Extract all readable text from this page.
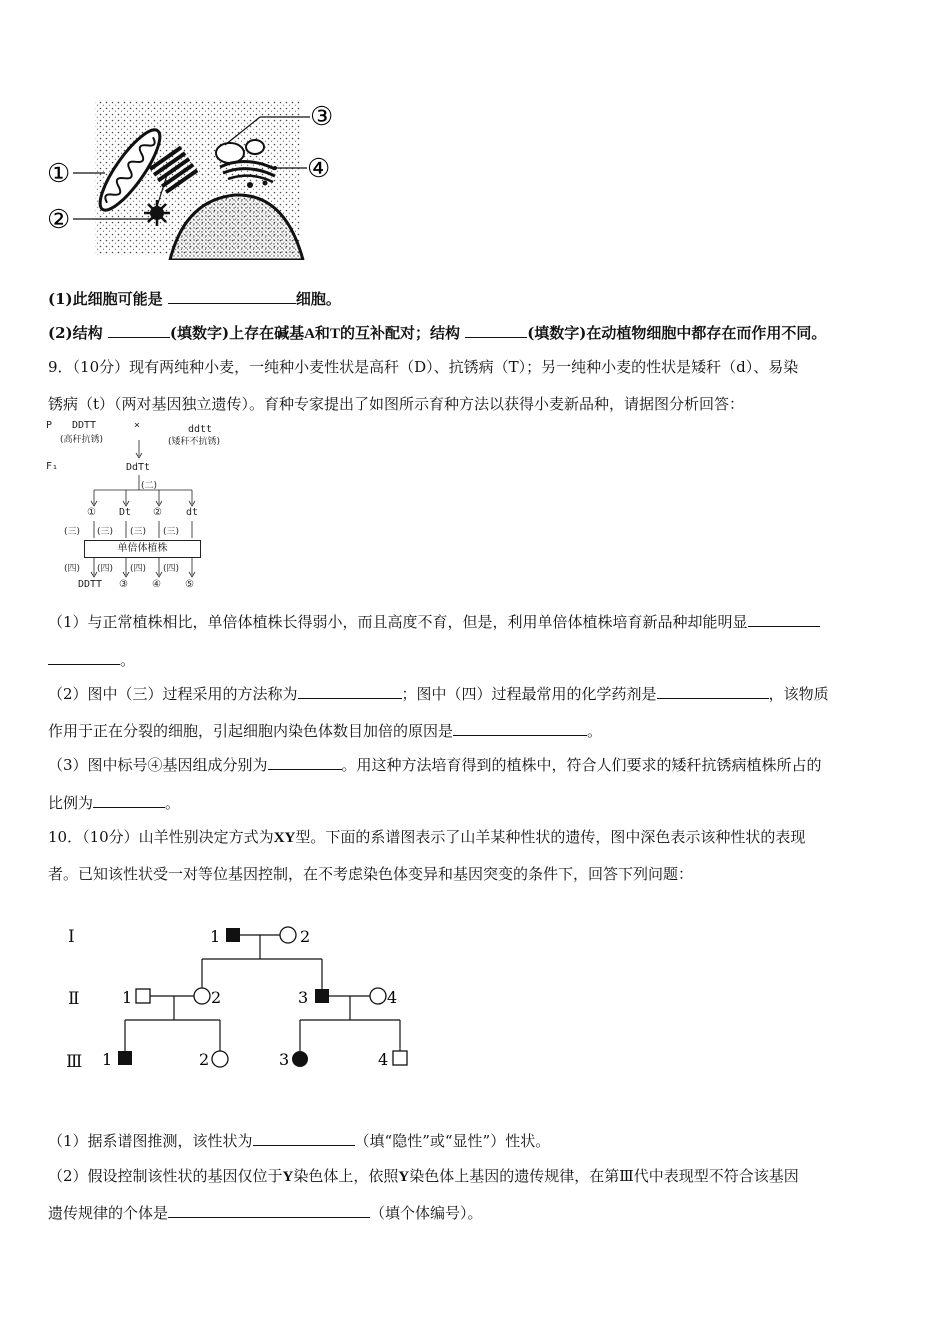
①
②
③
④
(1)此细胞可能是	细胞。
(2)结构	(填数字)上存在碱基A和T的互补配对；结构	(填数字)在动植物细胞中都存在而作用不同。
9．（10分）现有两纯种小麦，一纯种小麦性状是高秆（D）、抗锈病（T）；另一纯种小麦的性状是矮秆（d）、易染
锈病（t）（两对基因独立遗传）。育种专家提出了如图所示育种方法以获得小麦新品种，请据图分析回答：
P DDTT
(高秆抗锈)
×	ddtt
(矮秆不抗锈)
F₁	DdTt
(二)
① Dt ② dt
(三) (三) (三) (三)
单倍体植株
(四) (四) (四) (四)
DDTT ③ ④ ⑤
（1）与正常植株相比，单倍体植株长得弱小，而且高度不育，但是，利用单倍体植株培育新品种却能明显
。
（2）图中（三）过程采用的方法称为	；图中（四）过程最常用的化学药剂是	，该物质
作用于正在分裂的细胞，引起细胞内染色体数目加倍的原因是	。
（3）图中标号④基因组成分别为	。用这种方法培育得到的植株中，符合人们要求的矮秆抗锈病植株所占的
比例为	。
10．（10分）山羊性别决定方式为XY型。下面的系谱图表示了山羊某种性状的遗传，图中深色表示该种性状的表现
者。已知该性状受一对等位基因控制，在不考虑染色体变异和基因突变的条件下，回答下列问题：
Ⅰ
Ⅱ
Ⅲ
1	2
1	2	3	4
1	2	3	4
（1）据系谱图推测，该性状为	（填“隐性”或“显性”）性状。
（2）假设控制该性状的基因仅位于Y染色体上，依照Y染色体上基因的遗传规律，在第Ⅲ代中表现型不符合该基因
遗传规律的个体是	（填个体编号）。
